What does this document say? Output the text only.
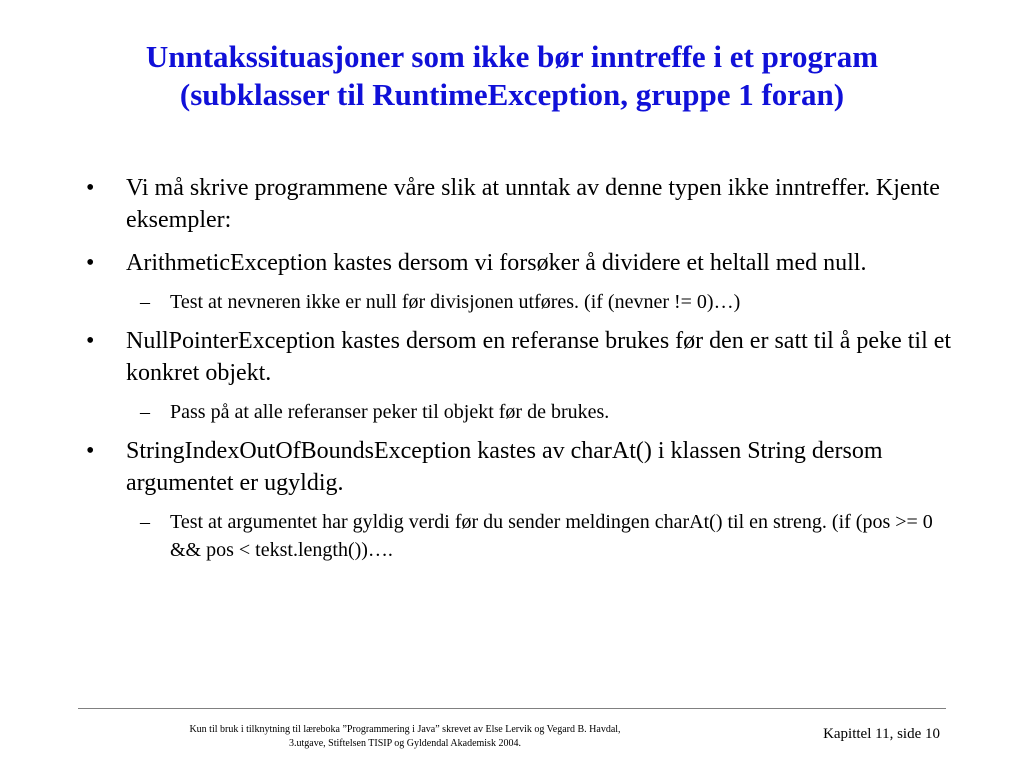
Unntakssituasjoner som ikke bør inntreffe i et program
(subklasser til RuntimeException, gruppe 1 foran)
• Vi må skrive programmene våre slik at unntak av denne typen ikke inntreffer. Kjente eksempler:
• ArithmeticException kastes dersom vi forsøker å dividere et heltall med null.
– Test at nevneren ikke er null før divisjonen utføres. (if (nevner != 0)…)
• NullPointerException kastes dersom en referanse brukes før den er satt til å peke til et konkret objekt.
– Pass på at alle referanser peker til objekt før de brukes.
• StringIndexOutOfBoundsException kastes av charAt() i klassen String dersom argumentet er ugyldig.
– Test at argumentet har gyldig verdi før du sender meldingen charAt() til en streng. (if (pos >= 0 && pos < tekst.length())….
Kun til bruk i tilknytning til læreboka ”Programmering i Java” skrevet av Else Lervik og Vegard B. Havdal,
3.utgave, Stiftelsen TISIP og Gyldendal Akademisk 2004.
Kapittel 11, side 10
